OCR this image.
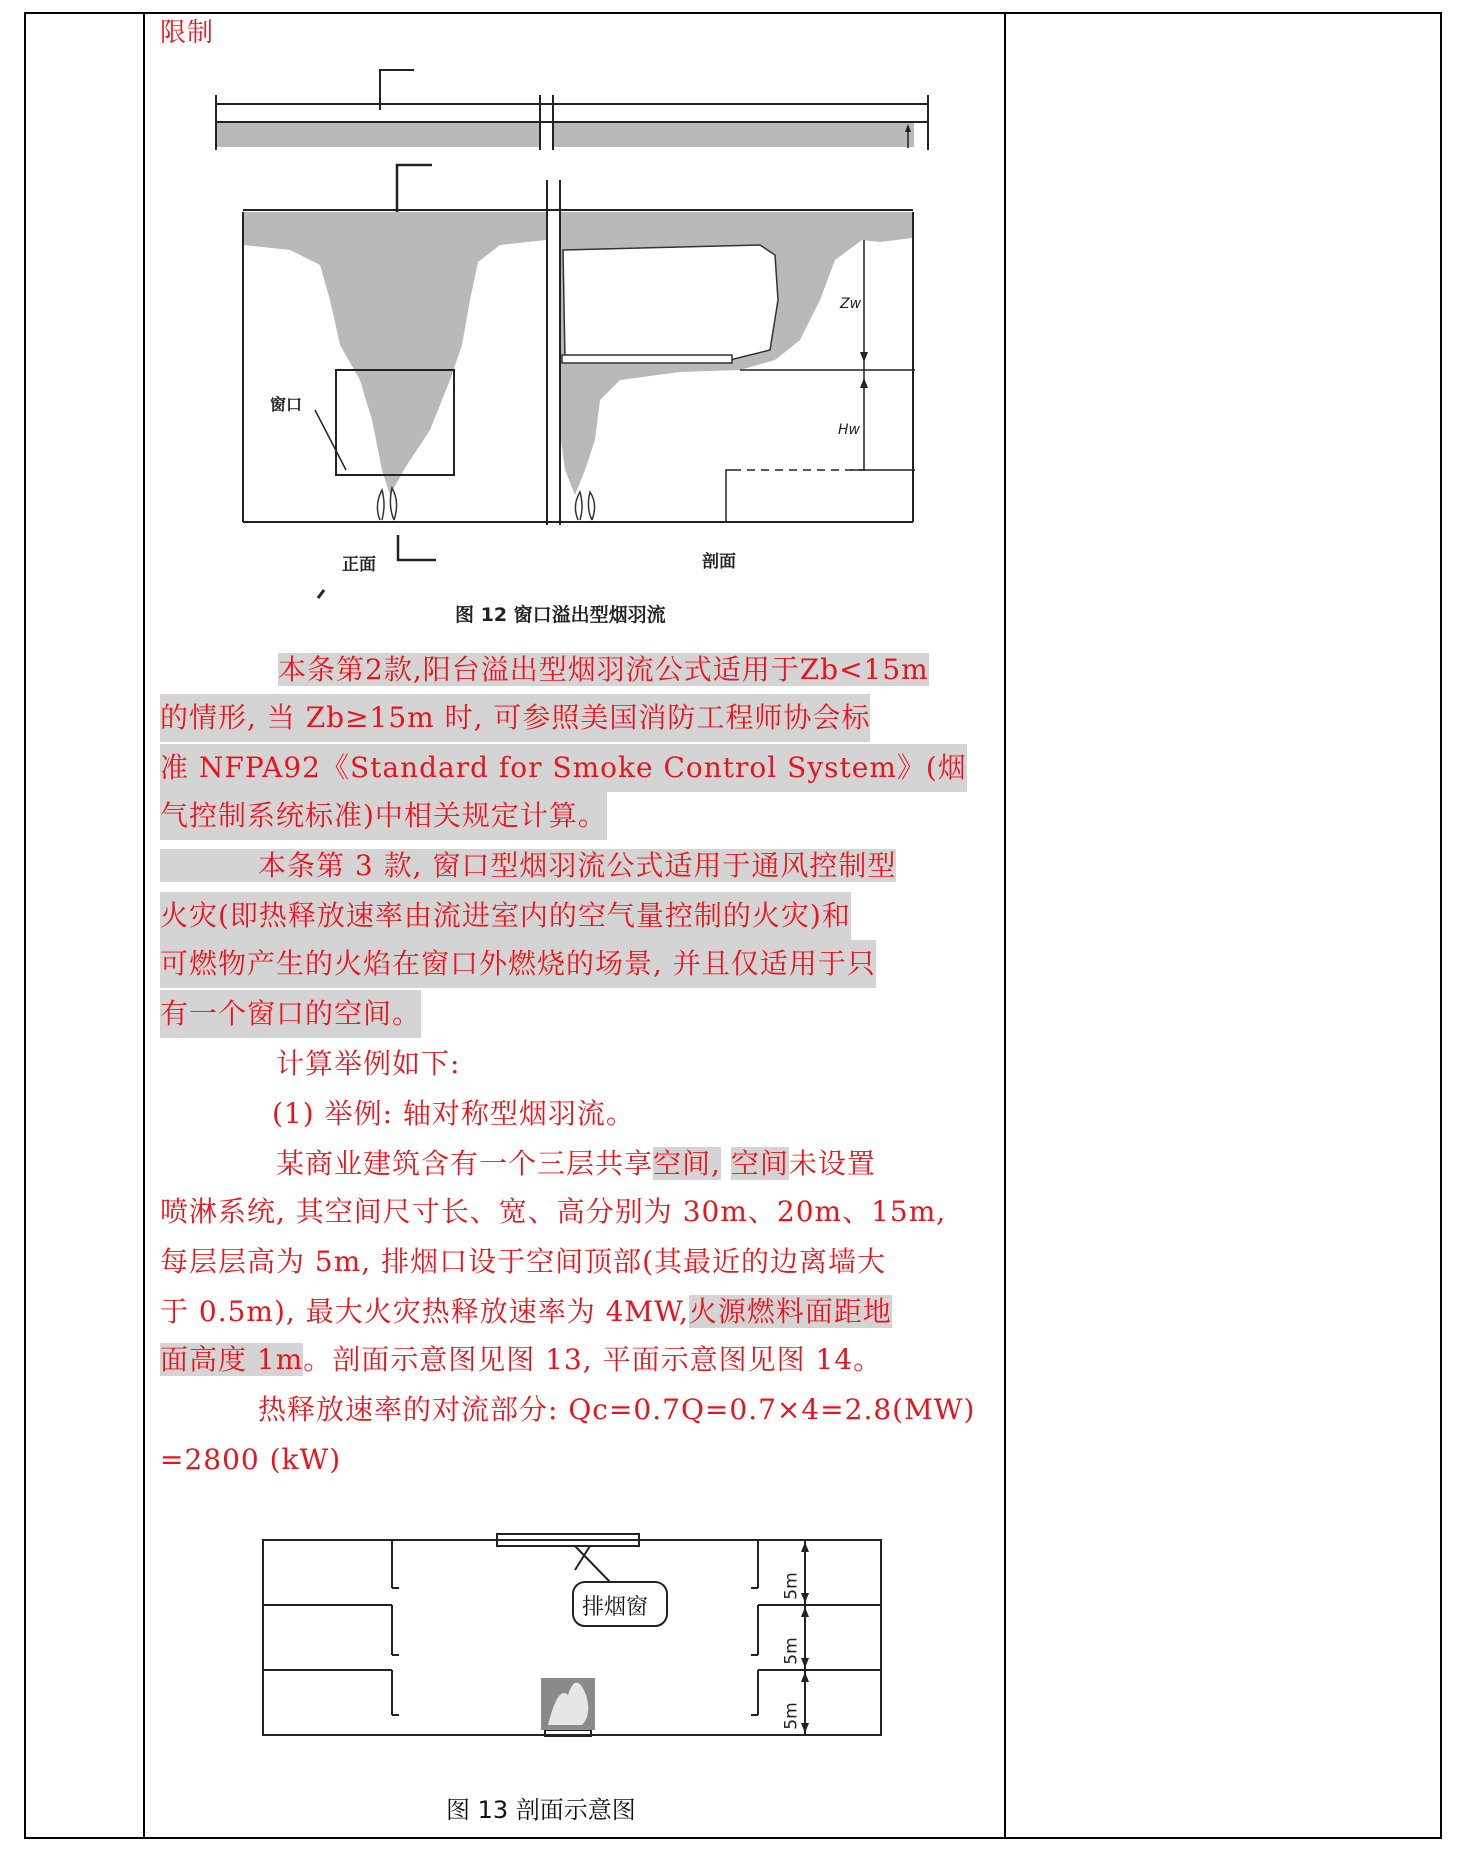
限制
窗口
Zw
Hw
正面	剖面
图 12 窗口溢出型烟羽流
本条第2款,阳台溢出型烟羽流公式适用于Zb<15m
的情形, 当 Zb≥15m 时, 可参照美国消防工程师协会标
准 NFPA92《Standard for Smoke Control System》(烟
气控制系统标准)中相关规定计算。
本条第 3 款, 窗口型烟羽流公式适用于通风控制型
火灾(即热释放速率由流进室内的空气量控制的火灾)和
可燃物产生的火焰在窗口外燃烧的场景, 并且仅适用于只
有一个窗口的空间。
计算举例如下:
(1) 举例: 轴对称型烟羽流。
某商业建筑含有一个三层共享空间, 空间未设置
喷淋系统, 其空间尺寸长、宽、高分别为 30m、20m、15m,
每层层高为 5m, 排烟口设于空间顶部(其最近的边离墙大
于 0.5m), 最大火灾热释放速率为 4MW,火源燃料面距地
面高度 1m。剖面示意图见图 13, 平面示意图见图 14。
热释放速率的对流部分: Qc=0.7Q=0.7×4=2.8(MW)
=2800 (kW)
排烟窗
5m
5m
5m
图 13 剖面示意图
